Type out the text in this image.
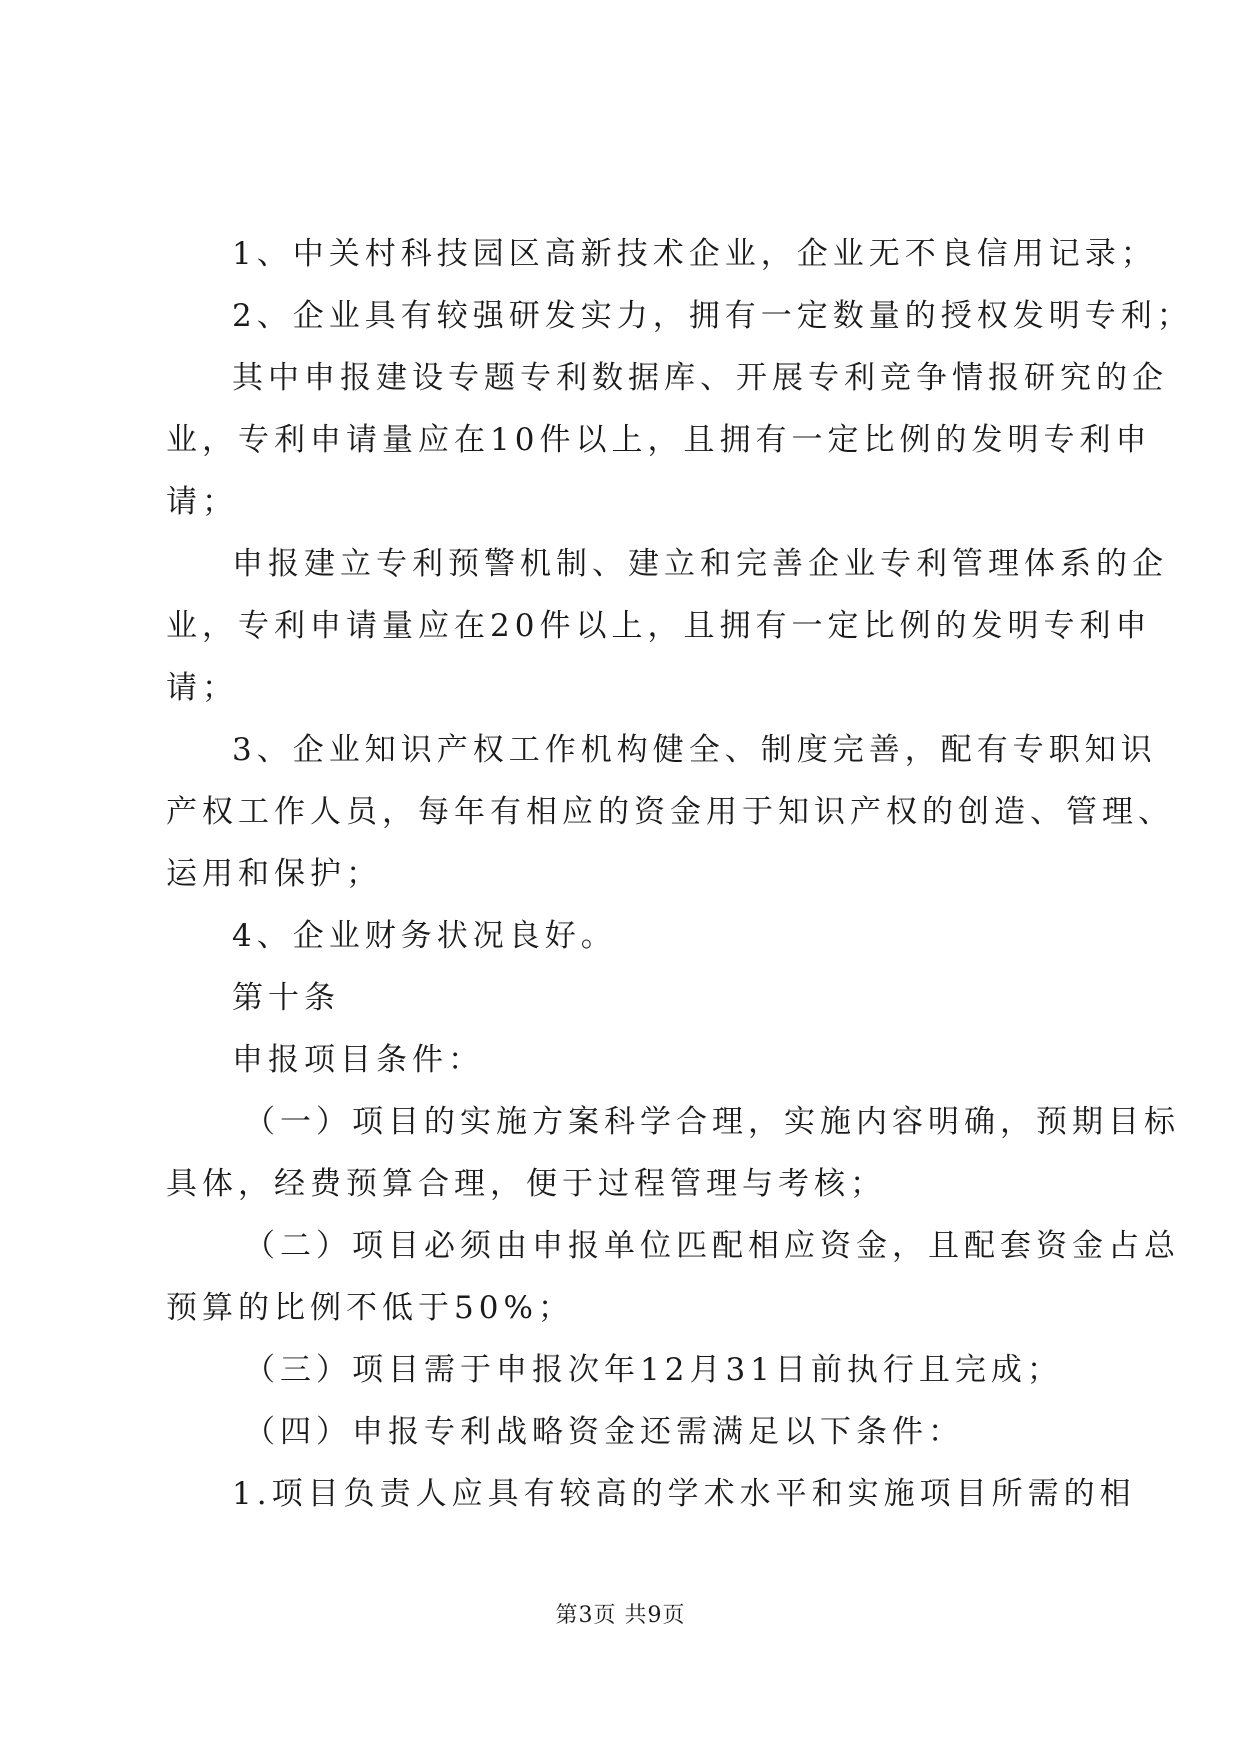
1、中关村科技园区高新技术企业，企业无不良信用记录；

2、企业具有较强研发实力，拥有一定数量的授权发明专利；

其中申报建设专题专利数据库、开展专利竞争情报研究的企

业，专利申请量应在10件以上，且拥有一定比例的发明专利申

请；

申报建立专利预警机制、建立和完善企业专利管理体系的企

业，专利申请量应在20件以上，且拥有一定比例的发明专利申

请；

3、企业知识产权工作机构健全、制度完善，配有专职知识

产权工作人员，每年有相应的资金用于知识产权的创造、管理、

运用和保护；

4、企业财务状况良好。

第十条

申报项目条件：

（一）项目的实施方案科学合理，实施内容明确，预期目标

具体，经费预算合理，便于过程管理与考核；

（二）项目必须由申报单位匹配相应资金，且配套资金占总

预算的比例不低于50%；

（三）项目需于申报次年12月31日前执行且完成；

（四）申报专利战略资金还需满足以下条件：

1.项目负责人应具有较高的学术水平和实施项目所需的相

第3页 共9页
